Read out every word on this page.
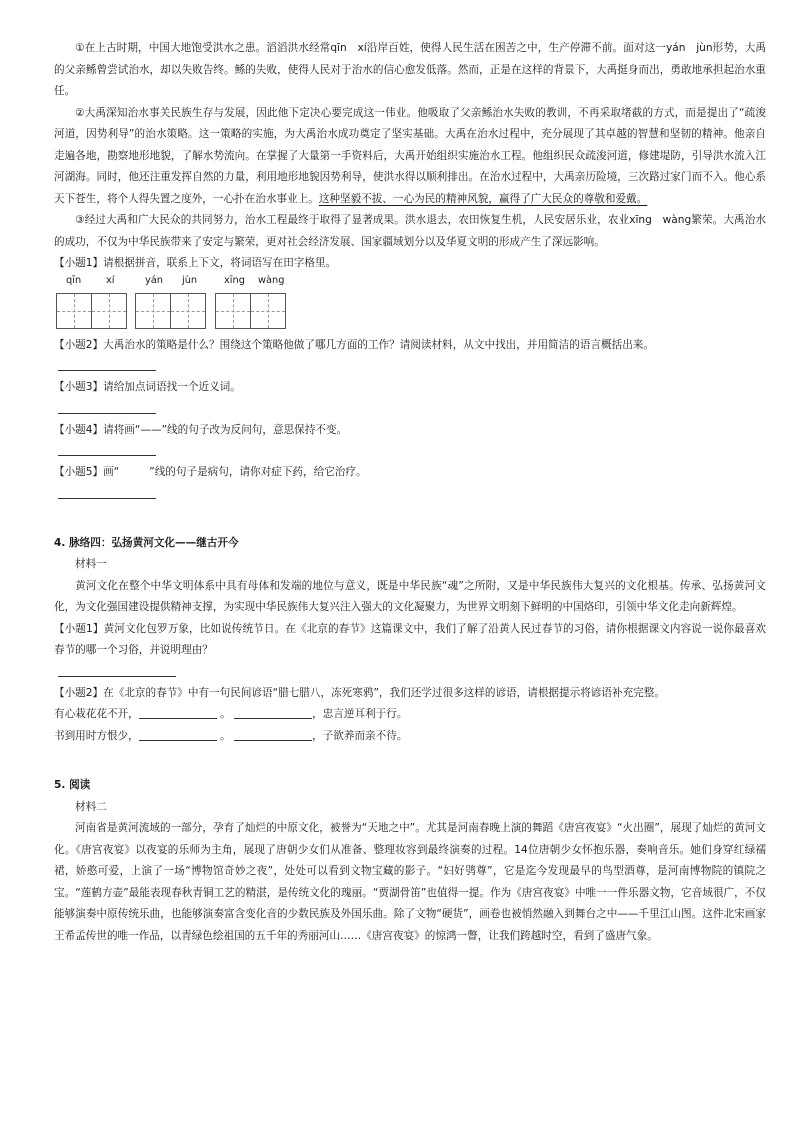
①在上古时期，中国大地饱受洪水之患。滔滔洪水经常qīn　xí沿岸百姓，使得人民生活在困苦之中，生产停滞不前。面对这一yán　jùn形势，大禹的父亲鲧曾尝试治水，却以失败告终。鲧的失败，使得人民对于治水的信心愈发低落。然而，正是在这样的背景下，大禹挺身而出，勇敢地承担起治水重任。

②大禹深知治水事关民族生存与发展，因此他下定决心要完成这一伟业。他吸取了父亲鲧治水失败的教训，不再采取堵截的方式，而是提出了“疏浚河道，因势利导”的治水策略。这一策略的实施，为大禹治水成功奠定了坚实基础。大禹在治水过程中，充分展现了其卓越的智慧和坚韧的精神。他亲自走遍各地，勘察地形地貌，了解水势流向。在掌握了大量第一手资料后，大禹开始组织实施治水工程。他组织民众疏浚河道，修建堤防，引导洪水流入江河湖海。同时，他还注重发挥自然的力量，利用地形地貌因势利导，使洪水得以顺利排出。在治水过程中，大禹亲历险境，三次路过家门而不入。他心系天下苍生，将个人得失置之度外，一心扑在治水事业上。这种坚毅不拔、一心为民的精神风貌，赢得了广大民众的尊敬和爱戴。

③经过大禹和广大民众的共同努力，治水工程最终于取得了显著成果。洪水退去，农田恢复生机，人民安居乐业，农业xīng　wàng繁荣。大禹治水的成功，不仅为中华民族带来了安定与繁荣，更对社会经济发展、国家疆域划分以及华夏文明的形成产生了深远影响。

【小题1】请根据拼音，联系上下文，将词语写在田字格里。

qīn	xí	yán jùn	xīng wàng

【小题2】大禹治水的策略是什么？围绕这个策略他做了哪几方面的工作？请阅读材料，从文中找出，并用简洁的语言概括出来。

【小题3】请给加点词语找一个近义词。

【小题4】请将画“——”线的句子改为反问句，意思保持不变。

【小题5】画“	”线的句子是病句，请你对症下药，给它治疗。

4. 脉络四：弘扬黄河文化——继古开今

材料一

黄河文化在整个中华文明体系中具有母体和发端的地位与意义，既是中华民族“魂”之所附，又是中华民族伟大复兴的文化根基。传承、弘扬黄河文化，为文化强国建设提供精神支撑，为实现中华民族伟大复兴注入强大的文化凝聚力，为世界文明刻下鲜明的中国烙印，引领中华文化走向新辉煌。

【小题1】黄河文化包罗万象，比如说传统节日。在《北京的春节》这篇课文中，我们了解了沿黄人民过春节的习俗，请你根据课文内容说一说你最喜欢春节的哪一个习俗，并说明理由？

【小题2】在《北京的春节》中有一句民间谚语“腊七腊八，冻死寒鸦”，我们还学过很多这样的谚语，请根据提示将谚语补充完整。

有心栽花花不开，	。	，忠言逆耳利于行。

书到用时方恨少，	。	，子欲养而亲不待。

5. 阅读

材料二

河南省是黄河流域的一部分，孕育了灿烂的中原文化，被誉为“天地之中”。尤其是河南春晚上演的舞蹈《唐宫夜宴》“火出圈”，展现了灿烂的黄河文化。《唐宫夜宴》以夜宴的乐师为主角，展现了唐朝少女们从准备、整理妆容到最终演奏的过程。14位唐朝少女怀抱乐器，奏响音乐。她们身穿红绿襦裙，娇憨可爱，上演了一场“博物馆奇妙之夜”，处处可以看到文物宝藏的影子。“妇好鸮尊”，它是迄今发现最早的鸟型酒尊，是河南博物院的镇院之宝。“莲鹤方壶”最能表现春秋青铜工艺的精湛，是传统文化的瑰丽。“贾湖骨笛”也值得一提。作为《唐宫夜宴》中唯一一件乐器文物，它音域很广，不仅能够演奏中原传统乐曲，也能够演奏富含变化音的少数民族及外国乐曲。除了文物“硬货”，画卷也被悄然融入到舞台之中——千里江山图。这件北宋画家王希孟传世的唯一作品，以青绿色绘祖国的五千年的秀丽河山……《唐宫夜宴》的惊鸿一瞥，让我们跨越时空，看到了盛唐气象。
